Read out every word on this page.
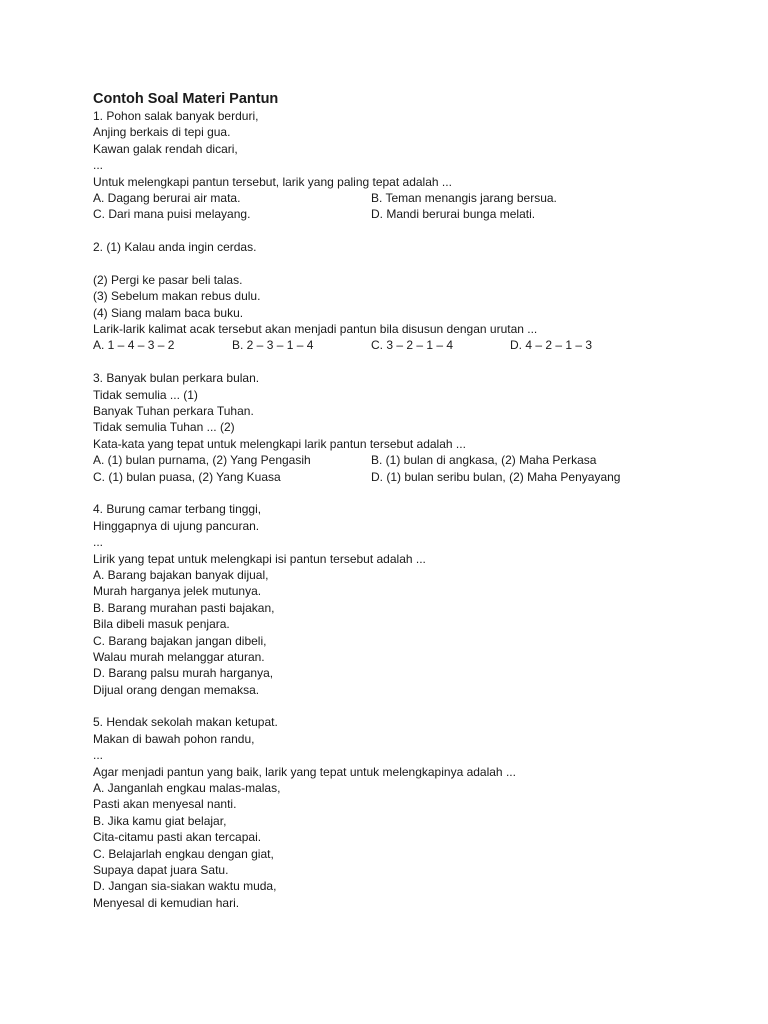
Contoh Soal Materi Pantun
1. Pohon salak banyak berduri,
Anjing berkais di tepi gua.
Kawan galak rendah dicari,
...
Untuk melengkapi pantun tersebut, larik yang paling tepat adalah ...
A. Dagang berurai air mata.	B. Teman menangis jarang bersua.
C. Dari mana puisi melayang.	D. Mandi berurai bunga melati.
2. (1) Kalau anda ingin cerdas.
(2) Pergi ke pasar beli talas.
(3) Sebelum makan rebus dulu.
(4) Siang malam baca buku.
Larik-larik kalimat acak tersebut akan menjadi pantun bila disusun dengan urutan ...
A. 1 – 4 – 3 – 2	B. 2 – 3 – 1 – 4	C. 3 – 2 – 1 – 4	D. 4 – 2 – 1 – 3
3. Banyak bulan perkara bulan.
Tidak semulia ... (1)
Banyak Tuhan perkara Tuhan.
Tidak semulia Tuhan ... (2)
Kata-kata yang tepat untuk melengkapi larik pantun tersebut adalah ...
A. (1) bulan purnama, (2) Yang Pengasih	B. (1) bulan di angkasa, (2) Maha Perkasa
C. (1) bulan puasa, (2) Yang Kuasa	D. (1) bulan seribu bulan, (2) Maha Penyayang
4. Burung camar terbang tinggi,
Hinggapnya di ujung pancuran.
...
Lirik yang tepat untuk melengkapi isi pantun tersebut adalah ...
A. Barang bajakan banyak dijual,
Murah harganya jelek mutunya.
B. Barang murahan pasti bajakan,
Bila dibeli masuk penjara.
C. Barang bajakan jangan dibeli,
Walau murah melanggar aturan.
D. Barang palsu murah harganya,
Dijual orang dengan memaksa.
5. Hendak sekolah makan ketupat.
Makan di bawah pohon randu,
...
Agar menjadi pantun yang baik, larik yang tepat untuk melengkapinya adalah ...
A. Janganlah engkau malas-malas,
Pasti akan menyesal nanti.
B. Jika kamu giat belajar,
Cita-citamu pasti akan tercapai.
C. Belajarlah engkau dengan giat,
Supaya dapat juara Satu.
D. Jangan sia-siakan waktu muda,
Menyesal di kemudian hari.
